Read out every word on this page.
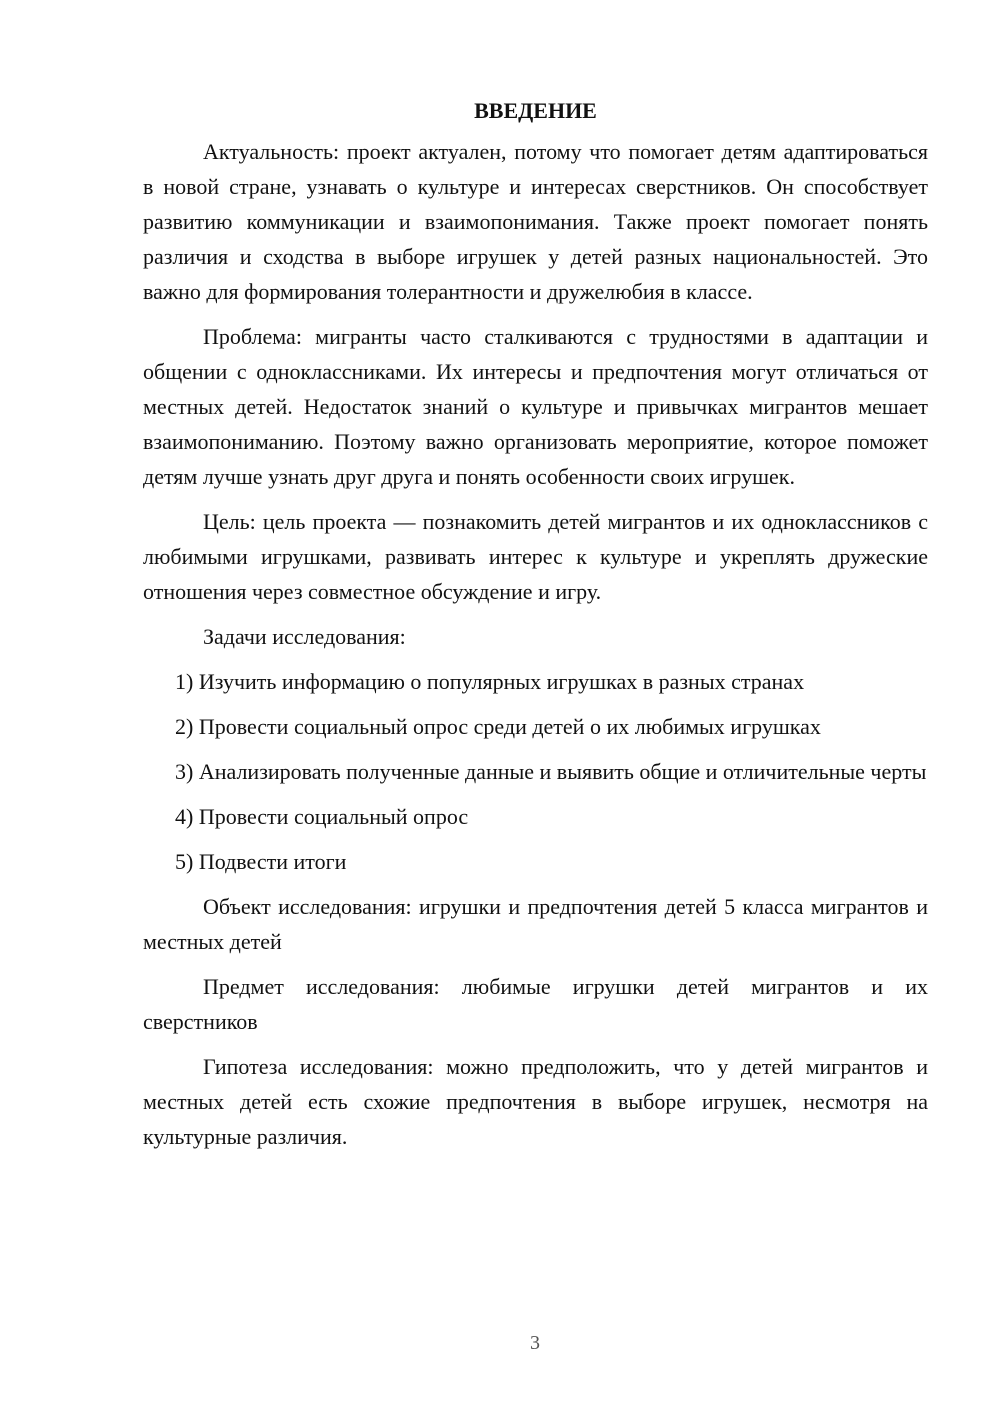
ВВЕДЕНИЕ

Актуальность: проект актуален, потому что помогает детям адаптироваться в новой стране, узнавать о культуре и интересах сверстников. Он способствует развитию коммуникации и взаимопонимания. Также проект помогает понять различия и сходства в выборе игрушек у детей разных национальностей. Это важно для формирования толерантности и дружелюбия в классе.

Проблема: мигранты часто сталкиваются с трудностями в адаптации и общении с одноклассниками. Их интересы и предпочтения могут отличаться от местных детей. Недостаток знаний о культуре и привычках мигрантов мешает взаимопониманию. Поэтому важно организовать мероприятие, которое поможет детям лучше узнать друг друга и понять особенности своих игрушек.

Цель: цель проекта — познакомить детей мигрантов и их одноклассников с любимыми игрушками, развивать интерес к культуре и укреплять дружеские отношения через совместное обсуждение и игру.

Задачи исследования:

1) Изучить информацию о популярных игрушках в разных странах

2) Провести социальный опрос среди детей о их любимых игрушках

3) Анализировать полученные данные и выявить общие и отличительные черты

4) Провести социальный опрос

5) Подвести итоги

Объект исследования: игрушки и предпочтения детей 5 класса мигрантов и местных детей

Предмет исследования: любимые игрушки детей мигрантов и их сверстников

Гипотеза исследования: можно предположить, что у детей мигрантов и местных детей есть схожие предпочтения в выборе игрушек, несмотря на культурные различия.

3
